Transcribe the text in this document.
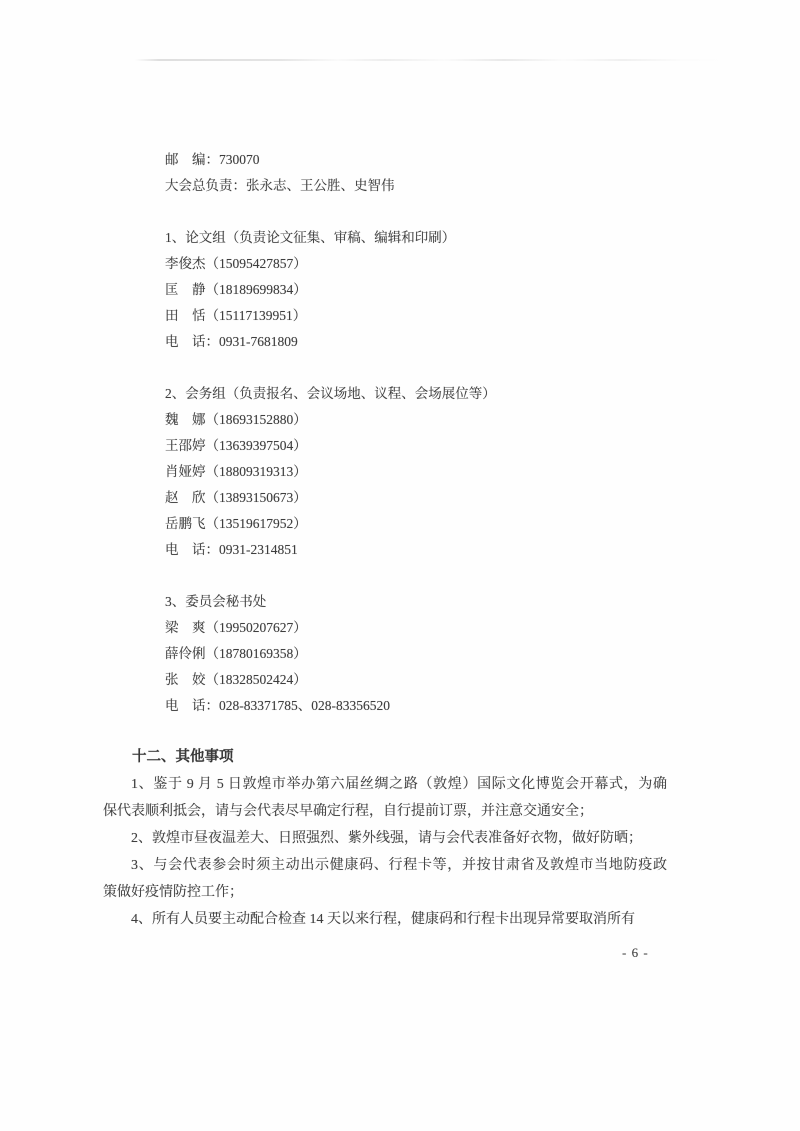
邮　编：730070

大会总负责：张永志、王公胜、史智伟

1、论文组（负责论文征集、审稿、编辑和印刷）

李俊杰（15095427857）

匡　静（18189699834）

田　恬（15117139951）

电　话：0931-7681809

2、会务组（负责报名、会议场地、议程、会场展位等）

魏　娜（18693152880）

王邵婷（13639397504）

肖娅婷（18809319313）

赵　欣（13893150673）

岳鹏飞（13519617952）

电　话：0931-2314851

3、委员会秘书处

梁　爽（19950207627）

薛伶俐（18780169358）

张　姣（18328502424）

电　话：028-83371785、028-83356520

十二、其他事项

1、鉴于 9 月 5 日敦煌市举办第六届丝绸之路（敦煌）国际文化博览会开幕式，为确

保代表顺利抵会，请与会代表尽早确定行程，自行提前订票，并注意交通安全；

2、敦煌市昼夜温差大、日照强烈、紫外线强，请与会代表准备好衣物，做好防晒；

3、与会代表参会时须主动出示健康码、行程卡等，并按甘肃省及敦煌市当地防疫政

策做好疫情防控工作；

4、所有人员要主动配合检查 14 天以来行程，健康码和行程卡出现异常要取消所有

- 6 -
